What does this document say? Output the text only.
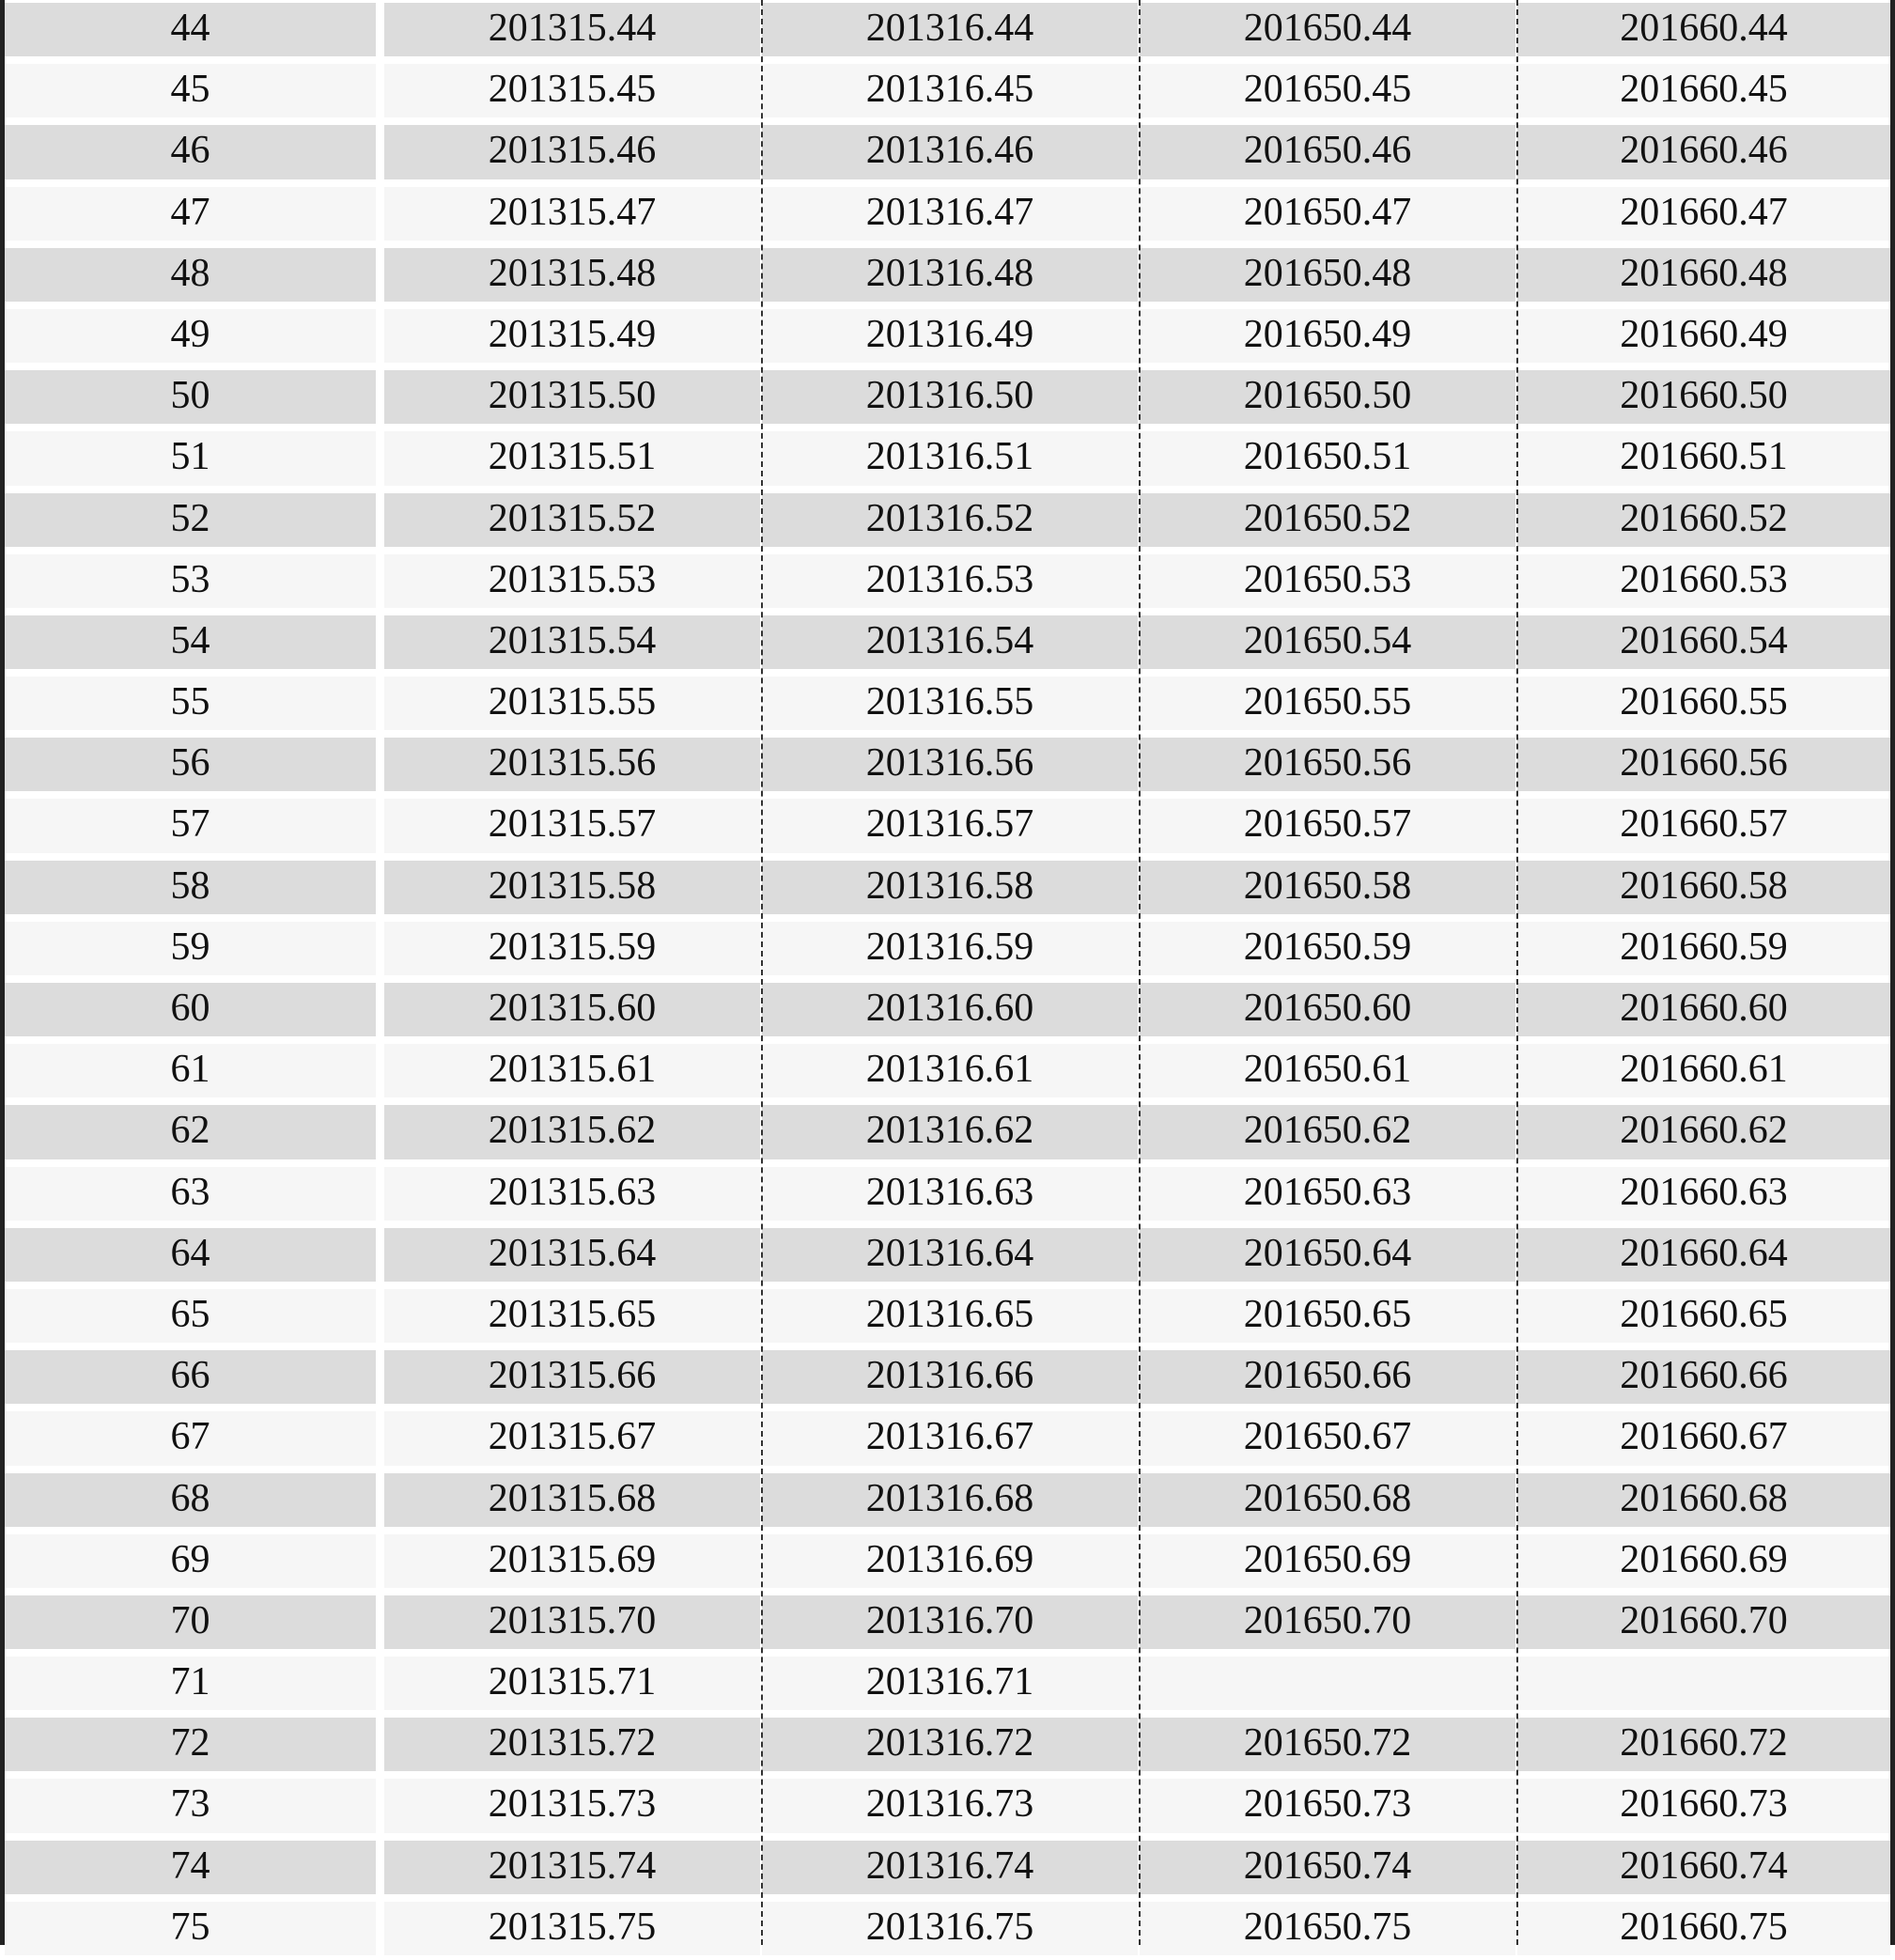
44	201315.44	201316.44	201650.44	201660.44
45	201315.45	201316.45	201650.45	201660.45
46	201315.46	201316.46	201650.46	201660.46
47	201315.47	201316.47	201650.47	201660.47
48	201315.48	201316.48	201650.48	201660.48
49	201315.49	201316.49	201650.49	201660.49
50	201315.50	201316.50	201650.50	201660.50
51	201315.51	201316.51	201650.51	201660.51
52	201315.52	201316.52	201650.52	201660.52
53	201315.53	201316.53	201650.53	201660.53
54	201315.54	201316.54	201650.54	201660.54
55	201315.55	201316.55	201650.55	201660.55
56	201315.56	201316.56	201650.56	201660.56
57	201315.57	201316.57	201650.57	201660.57
58	201315.58	201316.58	201650.58	201660.58
59	201315.59	201316.59	201650.59	201660.59
60	201315.60	201316.60	201650.60	201660.60
61	201315.61	201316.61	201650.61	201660.61
62	201315.62	201316.62	201650.62	201660.62
63	201315.63	201316.63	201650.63	201660.63
64	201315.64	201316.64	201650.64	201660.64
65	201315.65	201316.65	201650.65	201660.65
66	201315.66	201316.66	201650.66	201660.66
67	201315.67	201316.67	201650.67	201660.67
68	201315.68	201316.68	201650.68	201660.68
69	201315.69	201316.69	201650.69	201660.69
70	201315.70	201316.70	201650.70	201660.70
71	201315.71	201316.71
72	201315.72	201316.72	201650.72	201660.72
73	201315.73	201316.73	201650.73	201660.73
74	201315.74	201316.74	201650.74	201660.74
75	201315.75	201316.75	201650.75	201660.75
